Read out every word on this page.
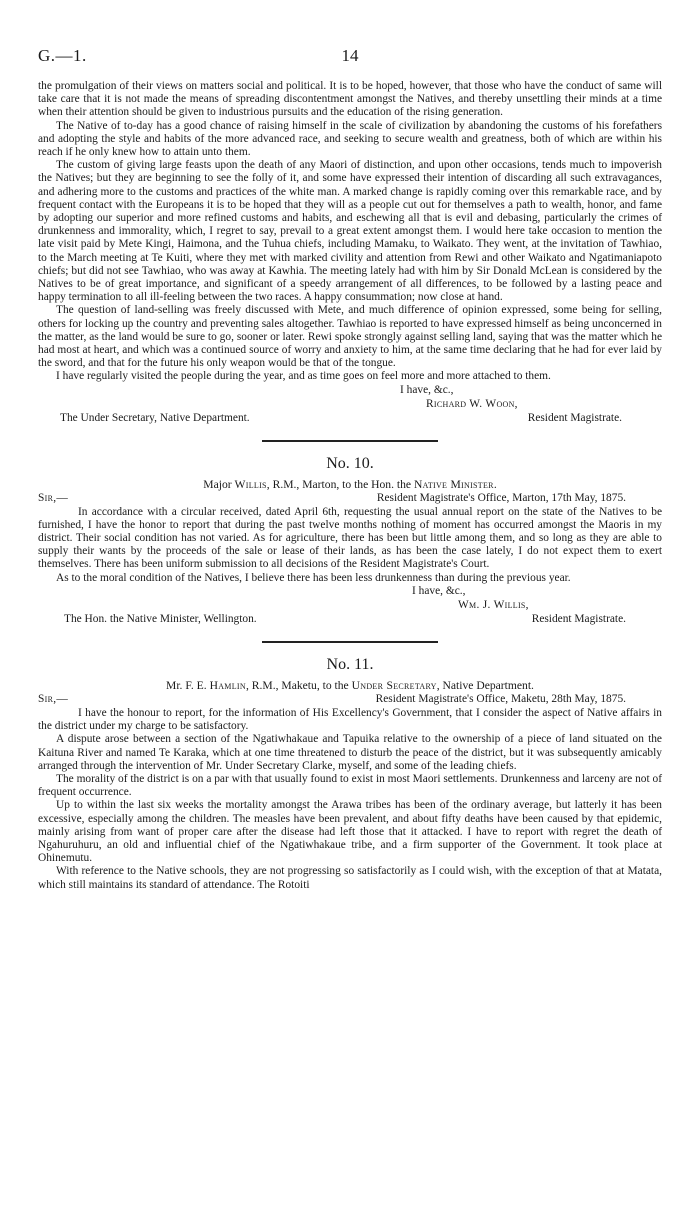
G.—1.	14

the promulgation of their views on matters social and political. It is to be hoped, however, that those who have the conduct of same will take care that it is not made the means of spreading discontentment amongst the Natives, and thereby unsettling their minds at a time when their attention should be given to industrious pursuits and the education of the rising generation.

The Native of to-day has a good chance of raising himself in the scale of civilization by abandoning the customs of his forefathers and adopting the style and habits of the more advanced race, and seeking to secure wealth and greatness, both of which are within his reach if he only knew how to attain unto them.

The custom of giving large feasts upon the death of any Maori of distinction, and upon other occasions, tends much to impoverish the Natives; but they are beginning to see the folly of it, and some have expressed their intention of discarding all such extravagances, and adhering more to the customs and practices of the white man. A marked change is rapidly coming over this remarkable race, and by frequent contact with the Europeans it is to be hoped that they will as a people cut out for themselves a path to wealth, honor, and fame by adopting our superior and more refined customs and habits, and eschewing all that is evil and debasing, particularly the crimes of drunkenness and immorality, which, I regret to say, prevail to a great extent amongst them. I would here take occasion to mention the late visit paid by Mete Kingi, Haimona, and the Tuhua chiefs, including Mamaku, to Waikato. They went, at the invitation of Tawhiao, to the March meeting at Te Kuiti, where they met with marked civility and attention from Rewi and other Waikato and Ngatimaniapoto chiefs; but did not see Tawhiao, who was away at Kawhia. The meeting lately had with him by Sir Donald McLean is considered by the Natives to be of great importance, and significant of a speedy arrangement of all differences, to be followed by a lasting peace and happy termination to all ill-feeling between the two races. A happy consummation; now close at hand.

The question of land-selling was freely discussed with Mete, and much difference of opinion expressed, some being for selling, others for locking up the country and preventing sales altogether. Tawhiao is reported to have expressed himself as being unconcerned in the matter, as the land would be sure to go, sooner or later. Rewi spoke strongly against selling land, saying that was the matter which he had most at heart, and which was a continued source of worry and anxiety to him, at the same time declaring that he had for ever laid by the sword, and that for the future his only weapon would be that of the tongue.

I have regularly visited the people during the year, and as time goes on feel more and more attached to them.

I have, &c.,
Richard W. Woon,
The Under Secretary, Native Department.	Resident Magistrate.
No. 10.
Major Willis, R.M., Marton, to the Hon. the Native Minister.
Sir,—	Resident Magistrate's Office, Marton, 17th May, 1875.

In accordance with a circular received, dated April 6th, requesting the usual annual report on the state of the Natives to be furnished, I have the honor to report that during the past twelve months nothing of moment has occurred amongst the Maoris in my district. Their social condition has not varied. As for agriculture, there has been but little among them, and so long as they are able to supply their wants by the proceeds of the sale or lease of their lands, as has been the case lately, I do not expect them to exert themselves. There has been uniform submission to all decisions of the Resident Magistrate's Court.

As to the moral condition of the Natives, I believe there has been less drunkenness than during the previous year.

I have, &c.,
Wm. J. Willis,
The Hon. the Native Minister, Wellington.	Resident Magistrate.
No. 11.
Mr. F. E. Hamlin, R.M., Maketu, to the Under Secretary, Native Department.
Sir,—	Resident Magistrate's Office, Maketu, 28th May, 1875.

I have the honour to report, for the information of His Excellency's Government, that I consider the aspect of Native affairs in the district under my charge to be satisfactory.

A dispute arose between a section of the Ngatiwhakaue and Tapuika relative to the ownership of a piece of land situated on the Kaituna River and named Te Karaka, which at one time threatened to disturb the peace of the district, but it was subsequently amicably arranged through the intervention of Mr. Under Secretary Clarke, myself, and some of the leading chiefs.

The morality of the district is on a par with that usually found to exist in most Maori settlements. Drunkenness and larceny are not of frequent occurrence.

Up to within the last six weeks the mortality amongst the Arawa tribes has been of the ordinary average, but latterly it has been excessive, especially among the children. The measles have been prevalent, and about fifty deaths have been caused by that epidemic, mainly arising from want of proper care after the disease had left those that it attacked. I have to report with regret the death of Ngahuruhuru, an old and influential chief of the Ngatiwhakaue tribe, and a firm supporter of the Government. It took place at Ohinemutu.

With reference to the Native schools, they are not progressing so satisfactorily as I could wish, with the exception of that at Matata, which still maintains its standard of attendance. The Rotoiti
